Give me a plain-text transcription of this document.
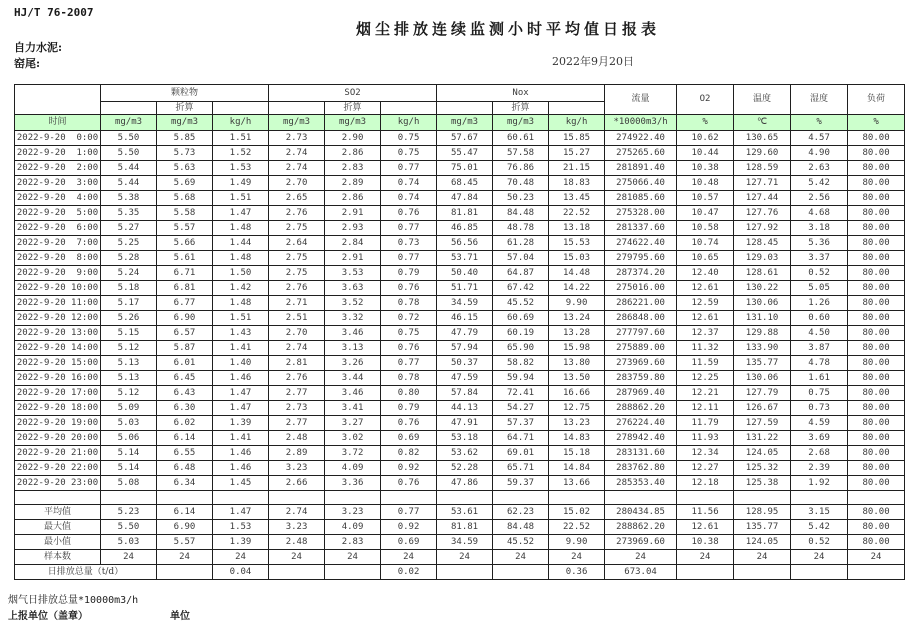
HJ/T 76-2007
烟尘排放连续监测小时平均值日报表
自力水泥:
窑尾:	2022年9月20日
	颗粒物			SO2			Nox			流量	O2	温度	湿度	负荷
		折算			折算			折算						
时间	mg/m3	mg/m3	kg/h	mg/m3	mg/m3	kg/h	mg/m3	mg/m3	kg/h	*10000m3/h	%	℃	%	%
2022-9-20  0:00	5.50	5.85	1.51	2.73	2.90	0.75	57.67	60.61	15.85	274922.40	10.62	130.65	4.57	80.00
2022-9-20  1:00	5.50	5.73	1.52	2.74	2.86	0.75	55.47	57.58	15.27	275265.60	10.44	129.60	4.90	80.00
2022-9-20  2:00	5.44	5.63	1.53	2.74	2.83	0.77	75.01	76.86	21.15	281891.40	10.38	128.59	2.63	80.00
2022-9-20  3:00	5.44	5.69	1.49	2.70	2.89	0.74	68.45	70.48	18.83	275066.40	10.48	127.71	5.42	80.00
2022-9-20  4:00	5.38	5.68	1.51	2.65	2.86	0.74	47.84	50.23	13.45	281085.60	10.57	127.44	2.56	80.00
2022-9-20  5:00	5.35	5.58	1.47	2.76	2.91	0.76	81.81	84.48	22.52	275328.00	10.47	127.76	4.68	80.00
2022-9-20  6:00	5.27	5.57	1.48	2.75	2.93	0.77	46.85	48.78	13.18	281337.60	10.58	127.92	3.18	80.00
2022-9-20  7:00	5.25	5.66	1.44	2.64	2.84	0.73	56.56	61.28	15.53	274622.40	10.74	128.45	5.36	80.00
2022-9-20  8:00	5.28	5.61	1.48	2.75	2.91	0.77	53.71	57.04	15.03	279795.60	10.65	129.03	3.37	80.00
2022-9-20  9:00	5.24	6.71	1.50	2.75	3.53	0.79	50.40	64.87	14.48	287374.20	12.40	128.61	0.52	80.00
2022-9-20 10:00	5.18	6.81	1.42	2.76	3.63	0.76	51.71	67.42	14.22	275016.00	12.61	130.22	5.05	80.00
2022-9-20 11:00	5.17	6.77	1.48	2.71	3.52	0.78	34.59	45.52	9.90	286221.00	12.59	130.06	1.26	80.00
2022-9-20 12:00	5.26	6.90	1.51	2.51	3.32	0.72	46.15	60.69	13.24	286848.00	12.61	131.10	0.60	80.00
2022-9-20 13:00	5.15	6.57	1.43	2.70	3.46	0.75	47.79	60.19	13.28	277797.60	12.37	129.88	4.50	80.00
2022-9-20 14:00	5.12	5.87	1.41	2.74	3.13	0.76	57.94	65.90	15.98	275889.00	11.32	133.90	3.87	80.00
2022-9-20 15:00	5.13	6.01	1.40	2.81	3.26	0.77	50.37	58.82	13.80	273969.60	11.59	135.77	4.78	80.00
2022-9-20 16:00	5.13	6.45	1.46	2.76	3.44	0.78	47.59	59.94	13.50	283759.80	12.25	130.06	1.61	80.00
2022-9-20 17:00	5.12	6.43	1.47	2.77	3.46	0.80	57.84	72.41	16.66	287969.40	12.21	127.79	0.75	80.00
2022-9-20 18:00	5.09	6.30	1.47	2.73	3.41	0.79	44.13	54.27	12.75	288862.20	12.11	126.67	0.73	80.00
2022-9-20 19:00	5.03	6.02	1.39	2.77	3.27	0.76	47.91	57.37	13.23	276224.40	11.79	127.59	4.59	80.00
2022-9-20 20:00	5.06	6.14	1.41	2.48	3.02	0.69	53.18	64.71	14.83	278942.40	11.93	131.22	3.69	80.00
2022-9-20 21:00	5.14	6.55	1.46	2.89	3.72	0.82	53.62	69.01	15.18	283131.60	12.34	124.05	2.68	80.00
2022-9-20 22:00	5.14	6.48	1.46	3.23	4.09	0.92	52.28	65.71	14.84	283762.80	12.27	125.32	2.39	80.00
2022-9-20 23:00	5.08	6.34	1.45	2.66	3.36	0.76	47.86	59.37	13.66	285353.40	12.18	125.38	1.92	80.00

平均值	5.23	6.14	1.47	2.74	3.23	0.77	53.61	62.23	15.02	280434.85	11.56	128.95	3.15	80.00
最大值	5.50	6.90	1.53	3.23	4.09	0.92	81.81	84.48	22.52	288862.20	12.61	135.77	5.42	80.00
最小值	5.03	5.57	1.39	2.48	2.83	0.69	34.59	45.52	9.90	273969.60	10.38	124.05	0.52	80.00
样本数	24	24	24	24	24	24	24	24	24	24	24	24	24	24
日排放总量（t/d）			0.04			0.02			0.36	673.04				
烟气日排放总量*10000m3/h
上报单位（盖章）	单位
